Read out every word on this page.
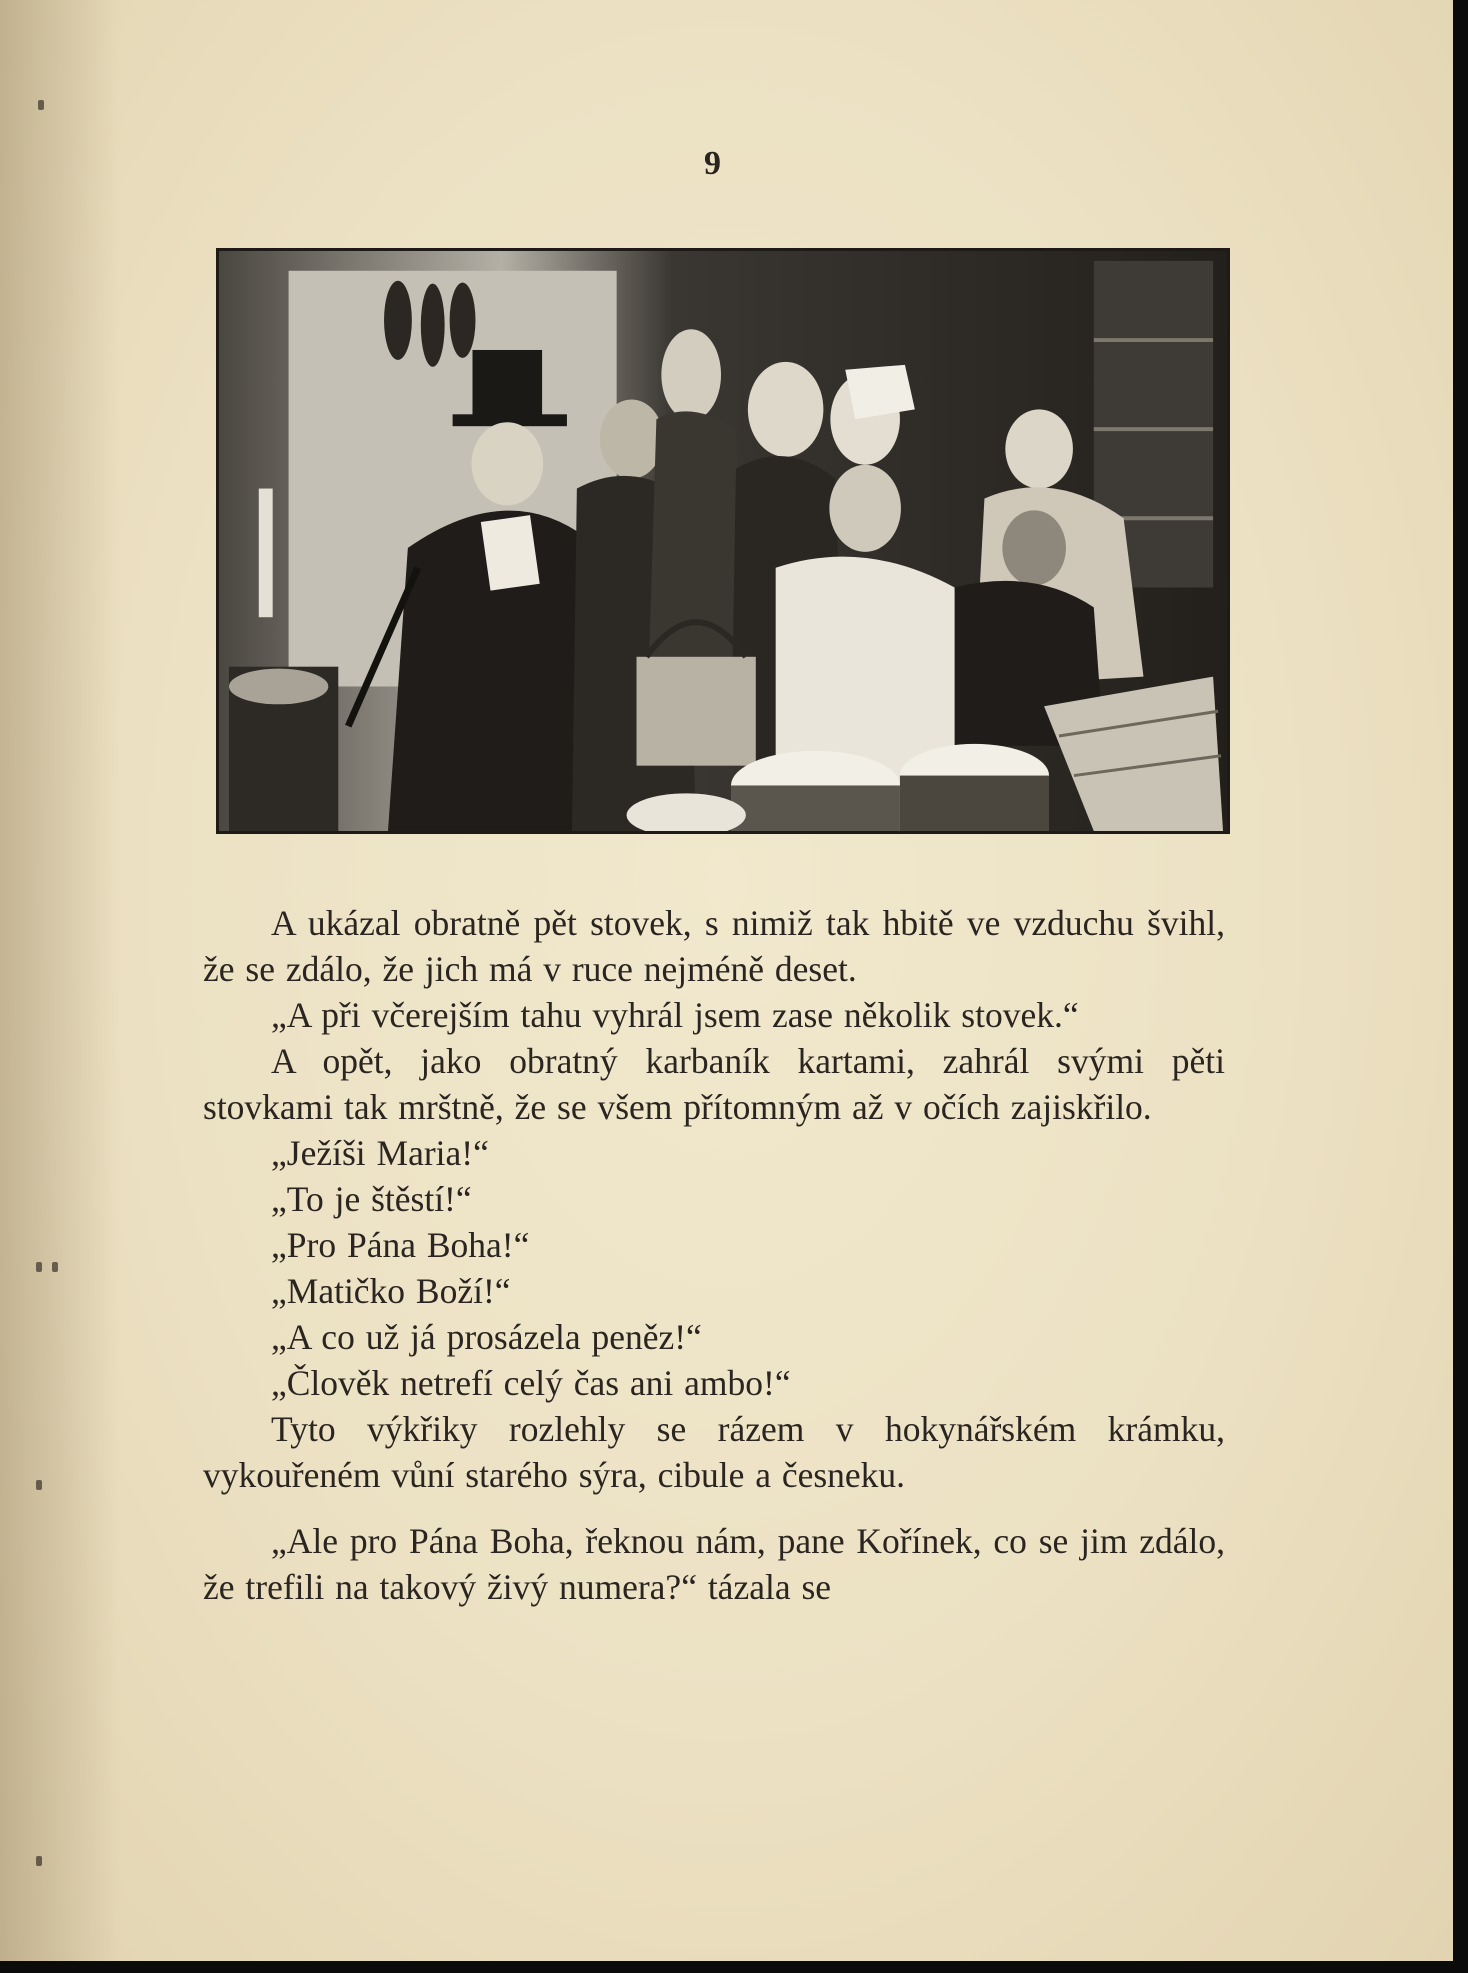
9

A ukázal obratně pět stovek, s nimiž tak hbitě ve vzduchu švihl, že se zdálo, že jich má v ruce nejméně deset.

„A při včerejším tahu vyhrál jsem zase několik stovek.“

A opět, jako obratný karbaník kartami, zahrál svými pěti stovkami tak mrštně, že se všem přítomným až v očích zajiskřilo.

„Ježíši Maria!“

„To je štěstí!“

„Pro Pána Boha!“

„Matičko Boží!“

„A co už já prosázela peněz!“

„Člověk netrefí celý čas ani ambo!“

Tyto výkřiky rozlehly se rázem v hokynářském krámku, vykouřeném vůní starého sýra, cibule a česneku.

„Ale pro Pána Boha, řeknou nám, pane Kořínek, co se jim zdálo, že trefili na takový živý numera?“ tázala se
